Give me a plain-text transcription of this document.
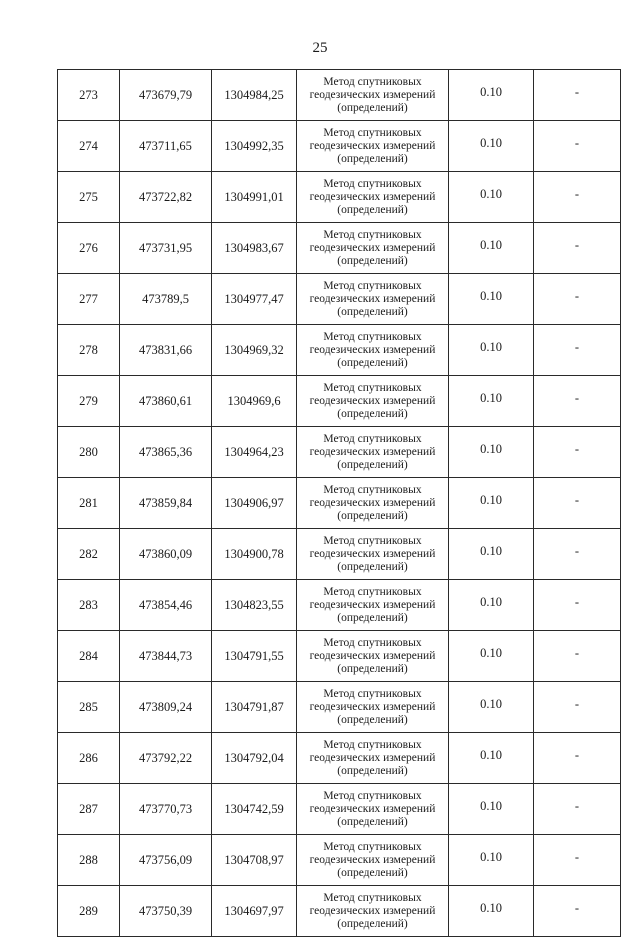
25
273	473679,79	1304984,25	Метод спутниковых
геодезических измерений
(определений)	0.10	-
274	473711,65	1304992,35	Метод спутниковых
геодезических измерений
(определений)	0.10	-
275	473722,82	1304991,01	Метод спутниковых
геодезических измерений
(определений)	0.10	-
276	473731,95	1304983,67	Метод спутниковых
геодезических измерений
(определений)	0.10	-
277	473789,5	1304977,47	Метод спутниковых
геодезических измерений
(определений)	0.10	-
278	473831,66	1304969,32	Метод спутниковых
геодезических измерений
(определений)	0.10	-
279	473860,61	1304969,6	Метод спутниковых
геодезических измерений
(определений)	0.10	-
280	473865,36	1304964,23	Метод спутниковых
геодезических измерений
(определений)	0.10	-
281	473859,84	1304906,97	Метод спутниковых
геодезических измерений
(определений)	0.10	-
282	473860,09	1304900,78	Метод спутниковых
геодезических измерений
(определений)	0.10	-
283	473854,46	1304823,55	Метод спутниковых
геодезических измерений
(определений)	0.10	-
284	473844,73	1304791,55	Метод спутниковых
геодезических измерений
(определений)	0.10	-
285	473809,24	1304791,87	Метод спутниковых
геодезических измерений
(определений)	0.10	-
286	473792,22	1304792,04	Метод спутниковых
геодезических измерений
(определений)	0.10	-
287	473770,73	1304742,59	Метод спутниковых
геодезических измерений
(определений)	0.10	-
288	473756,09	1304708,97	Метод спутниковых
геодезических измерений
(определений)	0.10	-
289	473750,39	1304697,97	Метод спутниковых
геодезических измерений
(определений)	0.10	-
